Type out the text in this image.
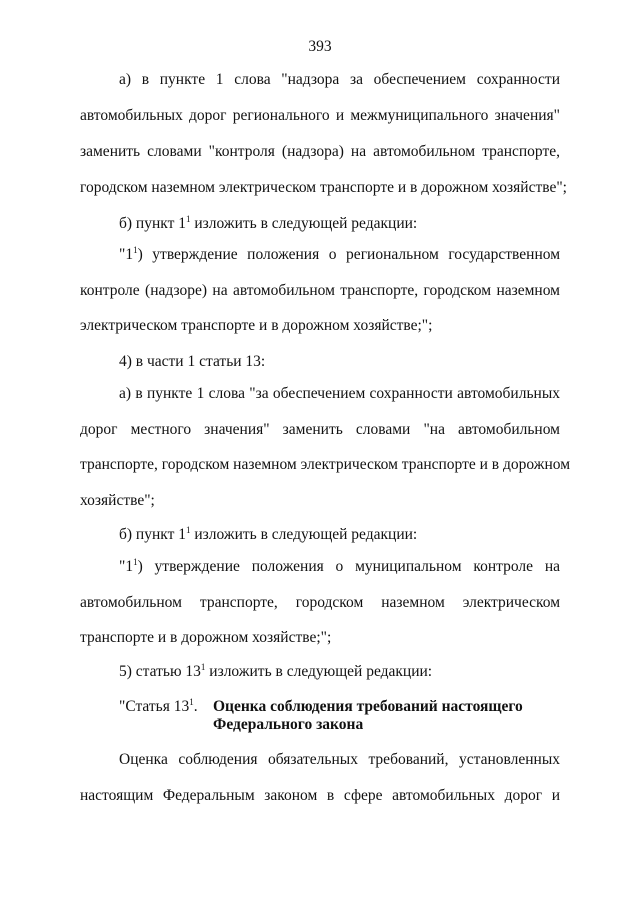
393
а) в пункте 1 слова "надзора за обеспечением сохранности
автомобильных дорог регионального и межмуниципального значения"
заменить словами "контроля (надзора) на автомобильном транспорте,
городском наземном электрическом транспорте и в дорожном хозяйстве";
б) пункт $1^1$ изложить в следующей редакции:
"$1^1$) утверждение положения о региональном государственном
контроле (надзоре) на автомобильном транспорте, городском наземном
электрическом транспорте и в дорожном хозяйстве;";
4) в части 1 статьи 13:
а) в пункте 1 слова "за обеспечением сохранности автомобильных
дорог местного значения" заменить словами "на автомобильном
транспорте, городском наземном электрическом транспорте и в дорожном
хозяйстве";
б) пункт $1^1$ изложить в следующей редакции:
"$1^1$) утверждение положения о муниципальном контроле на
автомобильном транспорте, городском наземном электрическом
транспорте и в дорожном хозяйстве;";
5) статью $13^1$ изложить в следующей редакции:
"Статья $13^1$. Оценка соблюдения требований настоящего
Федерального закона
Оценка соблюдения обязательных требований, установленных
настоящим Федеральным законом в сфере автомобильных дорог и
